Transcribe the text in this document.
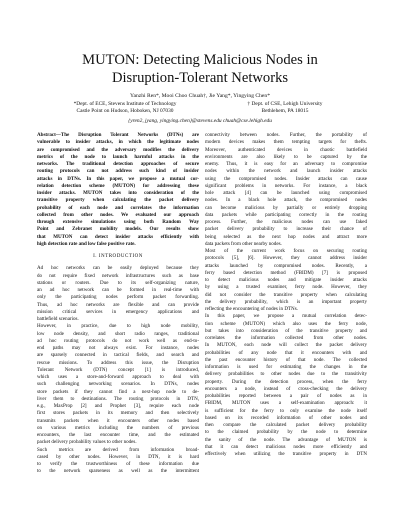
MUTON: Detecting Malicious Nodes in
Disruption-Tolerant Networks
Yanzhi Ren*, Mooi Choo Chuah†, Jie Yang*, Yingying Chen*
*Dept. of ECE, Stevens Institute of Technology
Castle Point on Hudson, Hoboken, NJ 07030
† Dept. of CSE, Lehigh University
Bethlehem, PA 18015
{yren2, jyang, yingying.chen}@stevens.edu chuah@cse.lehigh.edu
Abstract—The Disruption Tolerant Networks (DTNs) are
vulnerable to insider attacks, in which the legitimate nodes
are compromised and the adversary modifies the delivery
metrics of the node to launch harmful attacks in the
networks. The traditional detection approaches of secure
routing protocols can not address such kind of insider
attacks in DTNs. In this paper, we propose a mutual cor-
relation detection scheme (MUTON) for addressing these
insider attacks. MUTON takes into consideration of the
transitive property when calculating the packet delivery
probability of each node and correlates the information
collected from other nodes. We evaluated our approach
through extensive simulations using both Random Way
Point and Zebranet mobility models. Our results show
that MUTON can detect insider attacks efficiently with
high detection rate and low false positive rate.
I. INTRODUCTION
Ad hoc networks can be easily deployed because they
do not require fixed network infrastructures such as base
stations or routers. Due to its self-organizing nature,
an ad hoc network can be formed in real-time with
only the participating nodes perform packet forwarding.
Thus, ad hoc networks are flexible and can provide
mission critical services in emergency applications and
battlefield scenarios.
However, in practice, due to high node mobility,
low node density, and short radio ranges, traditional
ad hoc routing protocols do not work well as end-to-
end paths may not always exist. For instance, nodes
are sparsely connected in tactical fields, and search and
rescue missions. To address this issue, the Disruption
Tolerant Network (DTN) concept [1] is introduced,
which uses a store-and-forward approach to deal with
such challenging networking scenarios. In DTNs, nodes
store packets if they cannot find a next-hop node to de-
liver them to destinations. The routing protocols in DTN,
e.g., MaxProp [2] and Prophet [3], require each node
first stores packets in its memory and then selectively
transmits packets when it encounters other nodes based
on various metrics including the numbers of previous
encounters, the last encounter time, and the estimated
packet delivery probability values to other nodes.
Such metrics are derived from information broad-
cased by other nodes. However, in DTN, it is hard
to verify the trustworthiness of these information due
to the network sparseness as well as the intermittent
connectivity between nodes. Further, the portability of
modern devices makes them tempting targets for thefts.
Moreover, authenticated devices in chaotic battlefield
environments are also likely to be captured by the
enemy. Thus, it is easy for an adversary to compromise
nodes within the network and launch insider attacks
using the compromised nodes. Insider attacks can cause
significant problems in networks. For instance, a black
hole attack [4] can be launched using compromised
nodes. In a black hole attack, the compromised nodes
can become malicious by partially or entirely dropping
data packets while participating correctly in the routing
process. Further, the malicious nodes can use faked
packet delivery probability to increase their chance of
being selected as the next hop nodes and attract more
data packets from other nearby nodes.
Most of the current work focus on securing routing
protocols [5], [6]. However, they cannot address insider
attacks launched by compromised nodes. Recently, a
ferry based detection method (FBIDM) [7] is proposed
to detect malicious nodes and mitigate insider attacks
by using a trusted examiner, ferry node. However, they
did not consider the transitive property when calculating
the delivery probability, which is an important property
reflecting the encountering of nodes in DTNs.
In this paper, we propose a mutual correlation detec-
tion scheme (MUTON) which also uses the ferry node,
but takes into consideration of the transitive property and
correlates the information collected from other nodes.
In MUTON, each node will collect the packet delivery
probabilities of any node that it encounters with and
the past encounter history of that node. The collected
information is used for estimating the changes in the
delivery probabilities to other nodes due to the transitivity
property. During the detection process, when the ferry
encounters a node, instead of cross-checking the delivery
probabilities reported between a pair of nodes as in
FBIDM, MUTON uses a self-examination approach: it
is sufficient for the ferry to only examine the node itself
based on its recorded information of other nodes and
then compare the calculated packet delivery probability
to the claimed probability by the node to determine
the sanity of the node. The advantage of MUTON is
that it can detect malicious nodes more efficiently and
effectively when utilizing the transitive property in DTN
